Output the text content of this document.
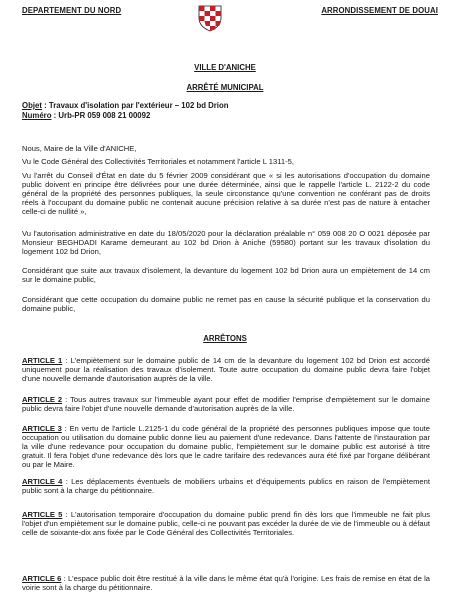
DEPARTEMENT DU NORD	ARRONDISSEMENT DE DOUAI
VILLE D'ANICHE
ARRÊTÉ MUNICIPAL
Objet : Travaux d'isolation par l'extérieur – 102 bd Drion
Numéro : Urb-PR 059 008 21 00092
Nous, Maire de la Ville d'ANICHE,
Vu le Code Général des Collectivités Territoriales et notamment l'article L 1311-5,
Vu l'arrêt du Conseil d'État en date du 5 février 2009 considérant que « si les autorisations d'occupation du domaine public doivent en principe être délivrées pour une durée déterminée, ainsi que le rappelle l'article L. 2122-2 du code général de la propriété des personnes publiques, la seule circonstance qu'une convention ne conférant pas de droits réels à l'occupant du domaine public ne contenait aucune précision relative à sa durée n'est pas de nature à entacher celle-ci de nullité »,
Vu l'autorisation administrative en date du 18/05/2020 pour la déclaration préalable n° 059 008 20 O 0021 déposée par Monsieur BEGHDADI Karame demeurant au 102 bd Drion à Aniche (59580) portant sur les travaux d'isolation du logement 102 bd Drion,
Considérant que suite aux travaux d'isolement, la devanture du logement 102 bd Drion aura un empiètement de 14 cm sur le domaine public,
Considérant que cette occupation du domaine public ne remet pas en cause la sécurité publique et la conservation du domaine public,
ARRÊTONS
ARTICLE 1 : L'empiètement sur le domaine public de 14 cm de la devanture du logement 102 bd Drion est accordé uniquement pour la réalisation des travaux d'isolement. Toute autre occupation du domaine public devra faire l'objet d'une nouvelle demande d'autorisation auprès de la ville.
ARTICLE 2 : Tous autres travaux sur l'immeuble ayant pour effet de modifier l'emprise d'empiètement sur le domaine public devra faire l'objet d'une nouvelle demande d'autorisation auprès de la ville.
ARTICLE 3 : En vertu de l'article L.2125-1 du code général de la propriété des personnes publiques impose que toute occupation ou utilisation du domaine public donne lieu au paiement d'une redevance. Dans l'attente de l'instauration par la ville d'une redevance pour occupation du domaine public, l'empiètement sur le domaine public est autorisé à titre gratuit. Il fera l'objet d'une redevance dès lors que le cadre tarifaire des redevances aura été fixé par l'organe délibérant ou par le Maire.
ARTICLE 4 : Les déplacements éventuels de mobiliers urbains et d'équipements publics en raison de l'empiètement public sont à la charge du pétitionnaire.
ARTICLE 5 : L'autorisation temporaire d'occupation du domaine public prend fin dès lors que l'immeuble ne fait plus l'objet d'un empiètement sur le domaine public, celle-ci ne pouvant pas excéder la durée de vie de l'immeuble ou à défaut celle de soixante-dix ans fixée par le Code Général des Collectivités Territoriales.
ARTICLE 6 : L'espace public doit être restitué à la ville dans le même état qu'à l'origine. Les frais de remise en état de la voirie sont à la charge du pétitionnaire.
